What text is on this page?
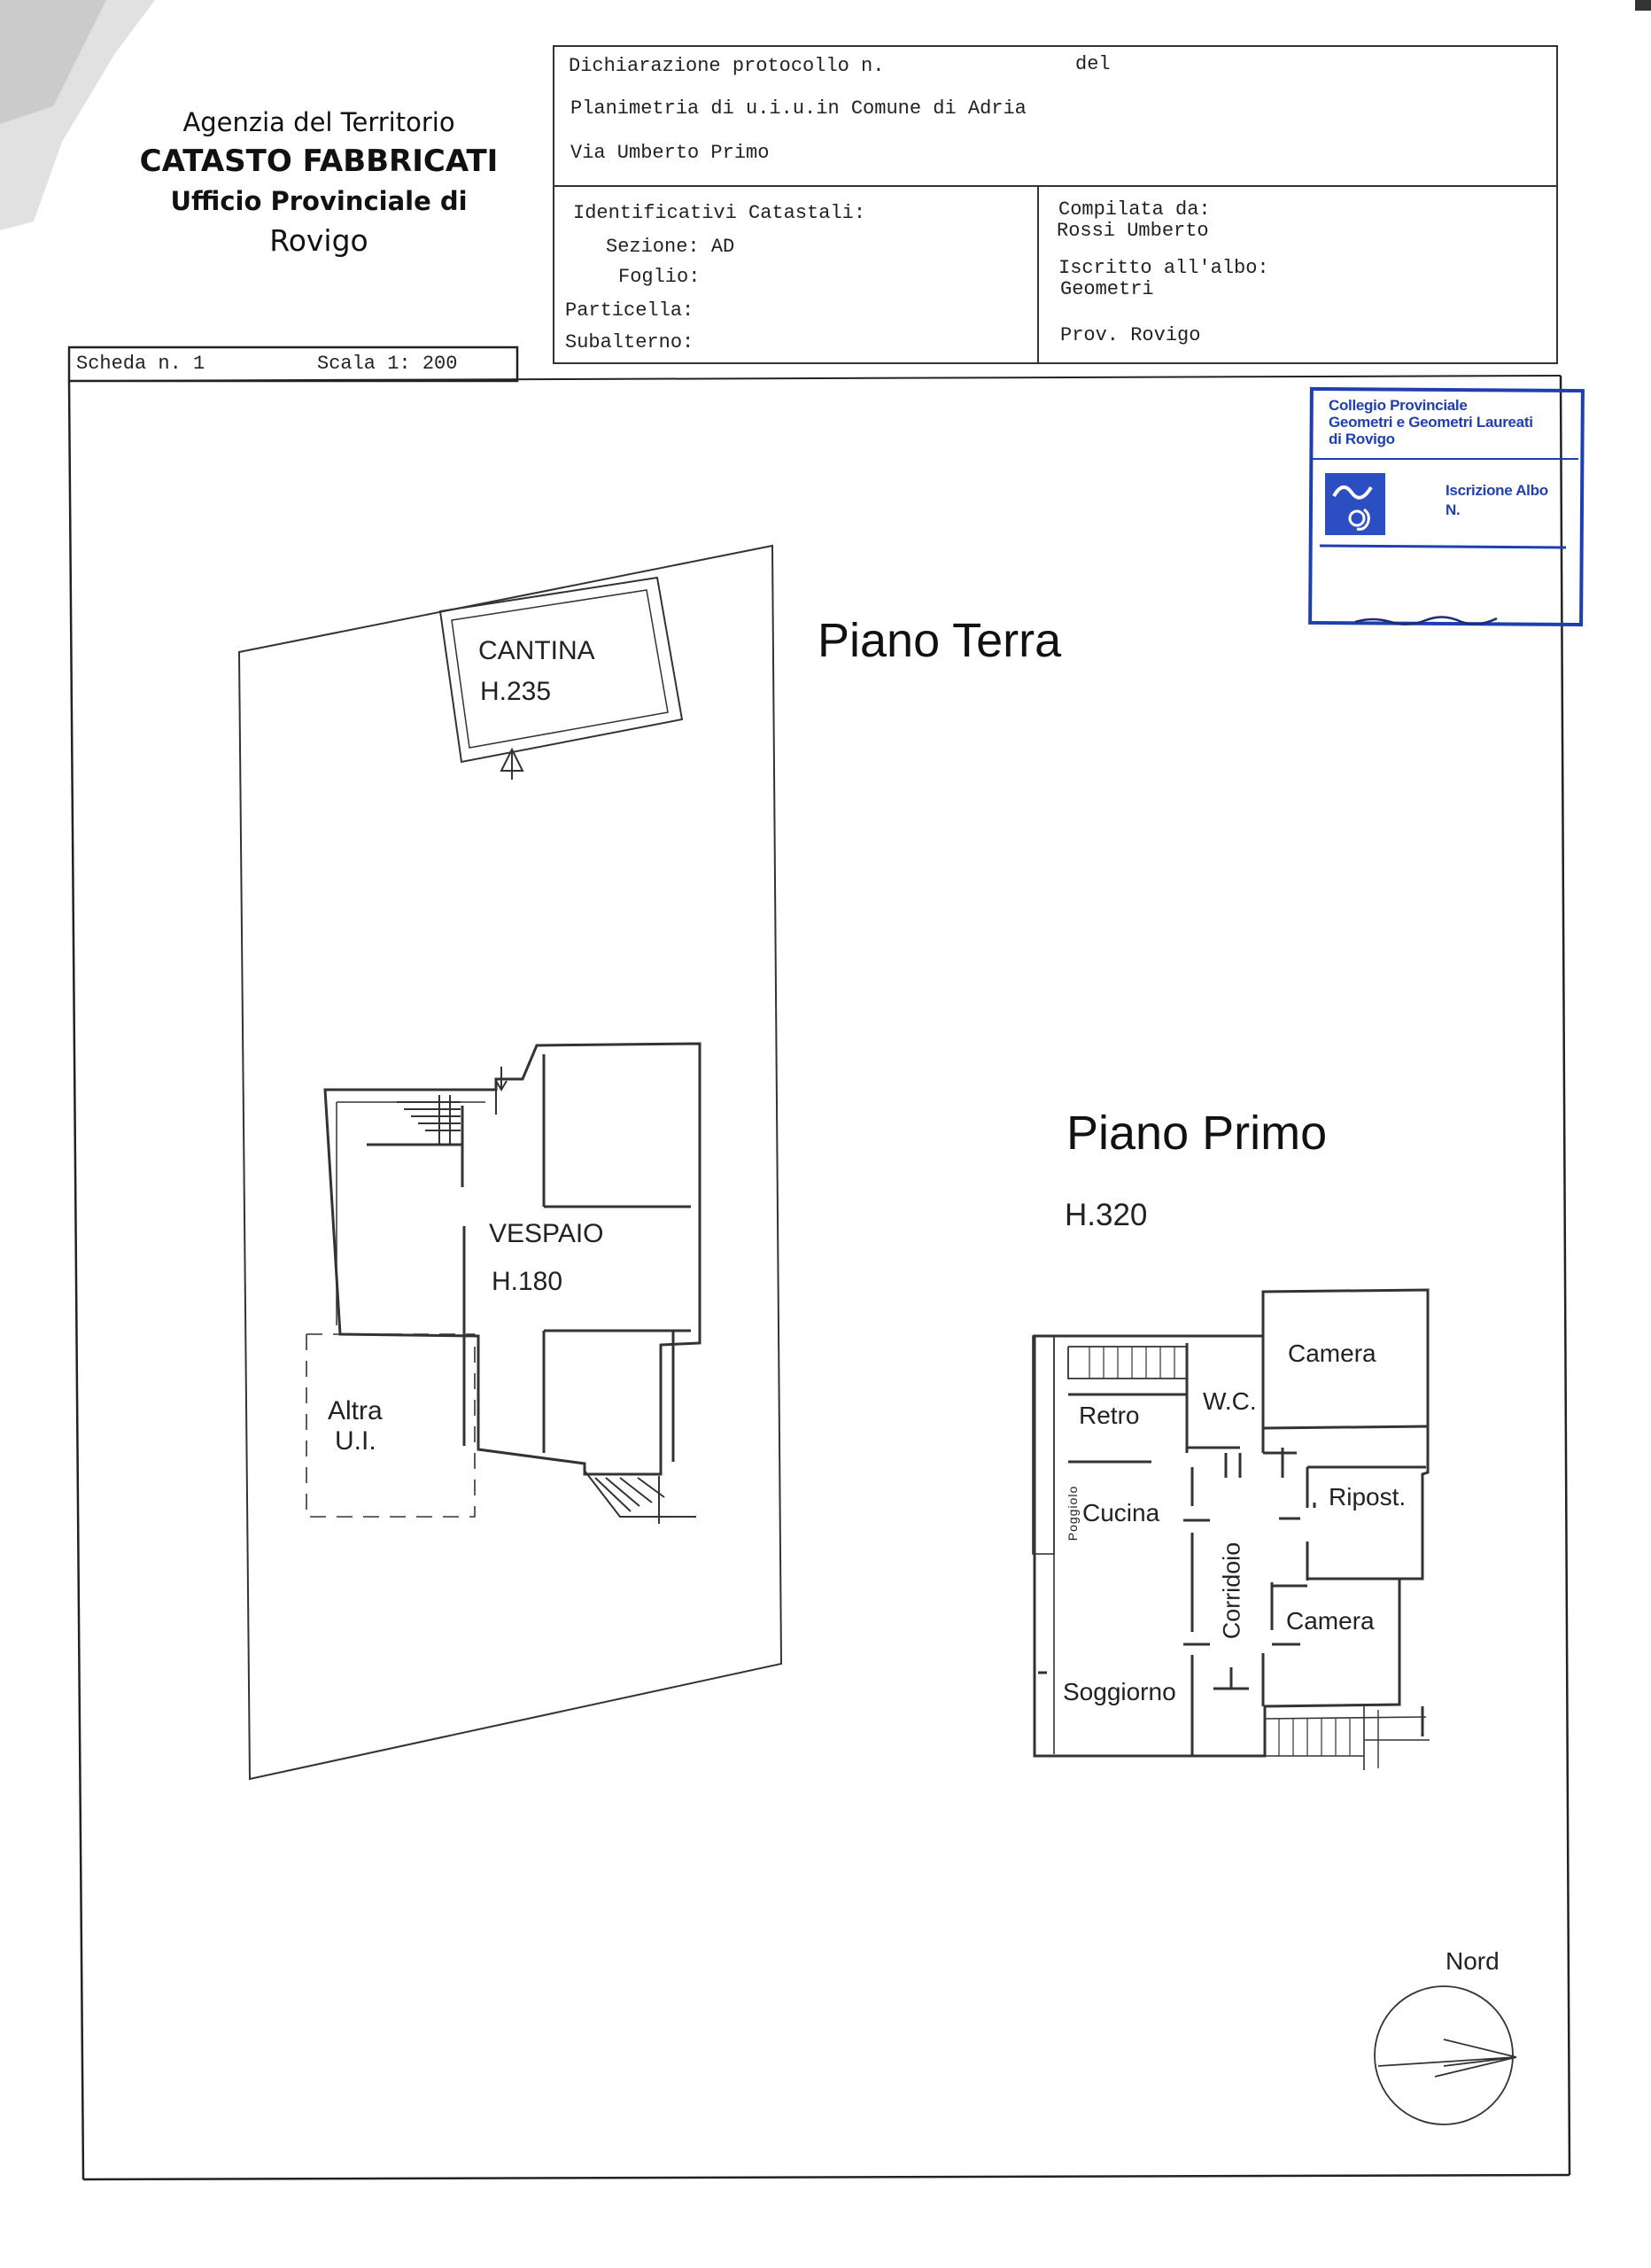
Agenzia del Territorio
CATASTO FABBRICATI
Ufficio Provinciale di
Rovigo
Dichiarazione protocollo n.	del
Planimetria di u.i.u.in Comune di Adria
Via Umberto Primo
Identificativi Catastali:
Sezione: AD
Foglio:
Particella:
Subalterno:
Compilata da:
Rossi Umberto
Iscritto all'albo:
Geometri
Prov. Rovigo
Scheda n. 1	Scala 1: 200
Collegio Provinciale
Geometri e Geometri Laureati
di Rovigo
Iscrizione Albo
N.
Piano Terra
Piano Primo
H.320
CANTINA
H.235
VESPAIO
H.180
Altra
U.I.
Camera
W.C.
Retro
Ripost.
Cucina
Poggiolo
Corridoio Camera
Soggiorno
Nord
